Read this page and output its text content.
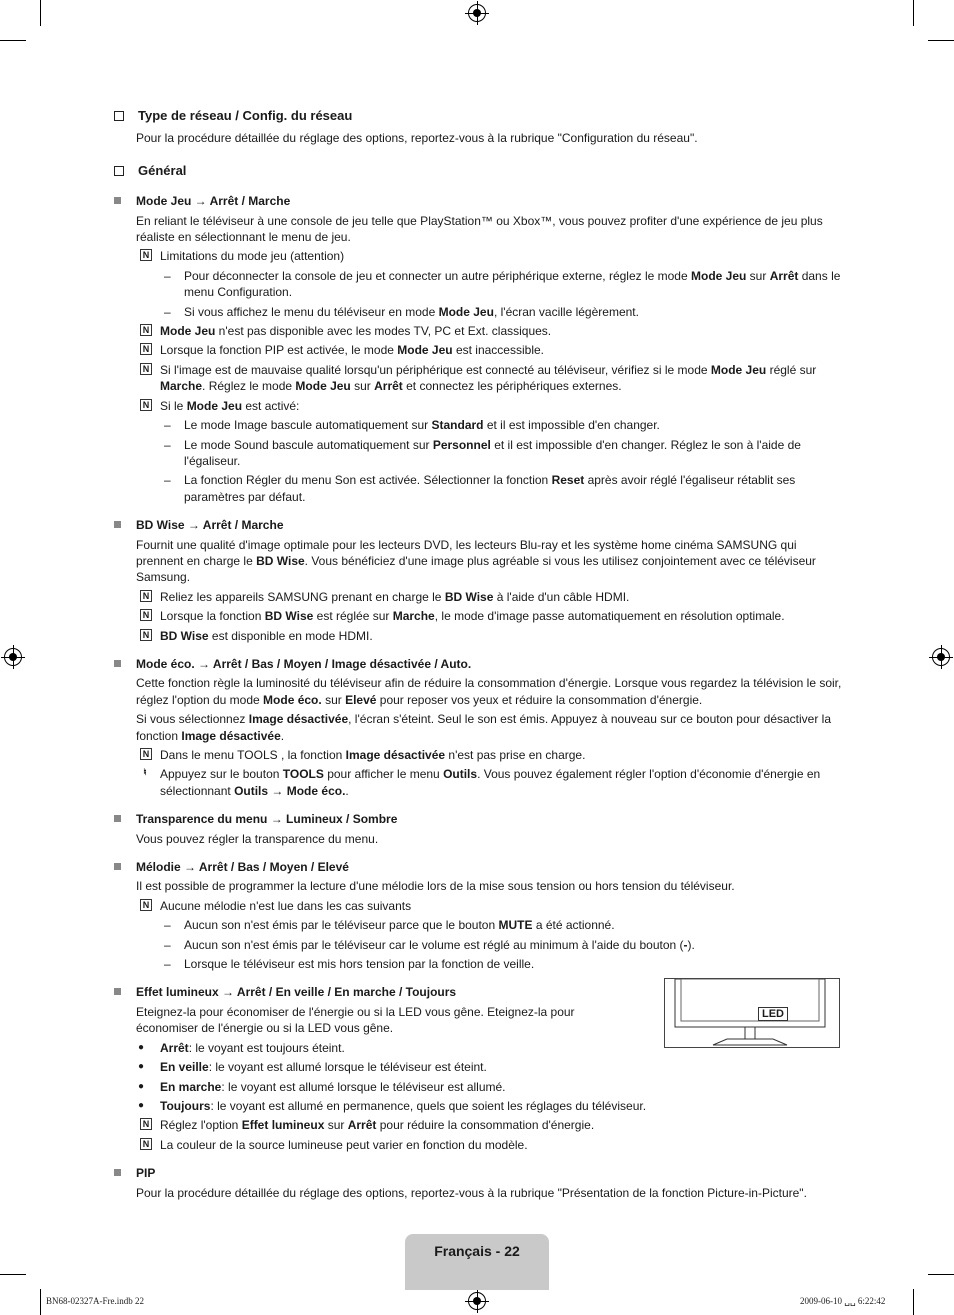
Type de réseau / Config. du réseau
Pour la procédure détaillée du réglage des options, reportez-vous à la rubrique "Configuration du réseau".
Général
Mode Jeu → Arrêt / Marche
En reliant le téléviseur à une console de jeu telle que PlayStation™ ou Xbox™, vous pouvez profiter d'une expérience de jeu plus réaliste en sélectionnant le menu de jeu.
N Limitations du mode jeu (attention)
– Pour déconnecter la console de jeu et connecter un autre périphérique externe, réglez le mode Mode Jeu sur Arrêt dans le menu Configuration.
– Si vous affichez le menu du téléviseur en mode Mode Jeu, l'écran vacille légèrement.
N Mode Jeu n'est pas disponible avec les modes TV, PC et Ext. classiques.
N Lorsque la fonction PIP est activée, le mode Mode Jeu est inaccessible.
N Si l'image est de mauvaise qualité lorsqu'un périphérique est connecté au téléviseur, vérifiez si le mode Mode Jeu réglé sur Marche. Réglez le mode Mode Jeu sur Arrêt et connectez les périphériques externes.
N Si le Mode Jeu est activé:
– Le mode Image bascule automatiquement sur Standard et il est impossible d'en changer.
– Le mode Sound bascule automatiquement sur Personnel et il est impossible d'en changer. Réglez le son à l'aide de l'égaliseur.
– La fonction Régler du menu Son est activée. Sélectionner la fonction Reset après avoir réglé l'égaliseur rétablit ses paramètres par défaut.
BD Wise → Arrêt / Marche
Fournit une qualité d'image optimale pour les lecteurs DVD, les lecteurs Blu-ray et les système home cinéma SAMSUNG qui prennent en charge le BD Wise. Vous bénéficiez d'une image plus agréable si vous les utilisez conjointement avec ce téléviseur Samsung.
N Reliez les appareils SAMSUNG prenant en charge le BD Wise à l'aide d'un câble HDMI.
N Lorsque la fonction BD Wise est réglée sur Marche, le mode d'image passe automatiquement en résolution optimale.
N BD Wise est disponible en mode HDMI.
Mode éco. → Arrêt / Bas / Moyen / Image désactivée / Auto.
Cette fonction règle la luminosité du téléviseur afin de réduire la consommation d'énergie. Lorsque vous regardez la télévision le soir, réglez l'option du mode Mode éco. sur Elevé pour reposer vos yeux et réduire la consommation d'énergie.
Si vous sélectionnez Image désactivée, l'écran s'éteint. Seul le son est émis. Appuyez à nouveau sur ce bouton pour désactiver la fonction Image désactivée.
N Dans le menu TOOLS , la fonction Image désactivée n'est pas prise en charge.
♮ Appuyez sur le bouton TOOLS pour afficher le menu Outils. Vous pouvez également régler l'option d'économie d'énergie en sélectionnant Outils → Mode éco..
Transparence du menu → Lumineux / Sombre
Vous pouvez régler la transparence du menu.
Mélodie → Arrêt / Bas / Moyen / Elevé
Il est possible de programmer la lecture d'une mélodie lors de la mise sous tension ou hors tension du téléviseur.
N Aucune mélodie n'est lue dans les cas suivants
– Aucun son n'est émis par le téléviseur parce que le bouton MUTE a été actionné.
– Aucun son n'est émis par le téléviseur car le volume est réglé au minimum à l'aide du bouton (-).
– Lorsque le téléviseur est mis hors tension par la fonction de veille.
Effet lumineux → Arrêt / En veille / En marche / Toujours
Eteignez-la pour économiser de l'énergie ou si la LED vous gêne. Eteignez-la pour économiser de l'énergie ou si la LED vous gêne.
● Arrêt: le voyant est toujours éteint.
● En veille: le voyant est allumé lorsque le téléviseur est éteint.
● En marche: le voyant est allumé lorsque le téléviseur est allumé.
● Toujours: le voyant est allumé en permanence, quels que soient les réglages du téléviseur.
N Réglez l'option Effet lumineux sur Arrêt pour réduire la consommation d'énergie.
N La couleur de la source lumineuse peut varier en fonction du modèle.
PIP
Pour la procédure détaillée du réglage des options, reportez-vous à la rubrique "Présentation de la fonction Picture-in-Picture".
LED
Français - 22
BN68-02327A-Fre.indb 22	2009-06-10 ␣␣ 6:22:42
